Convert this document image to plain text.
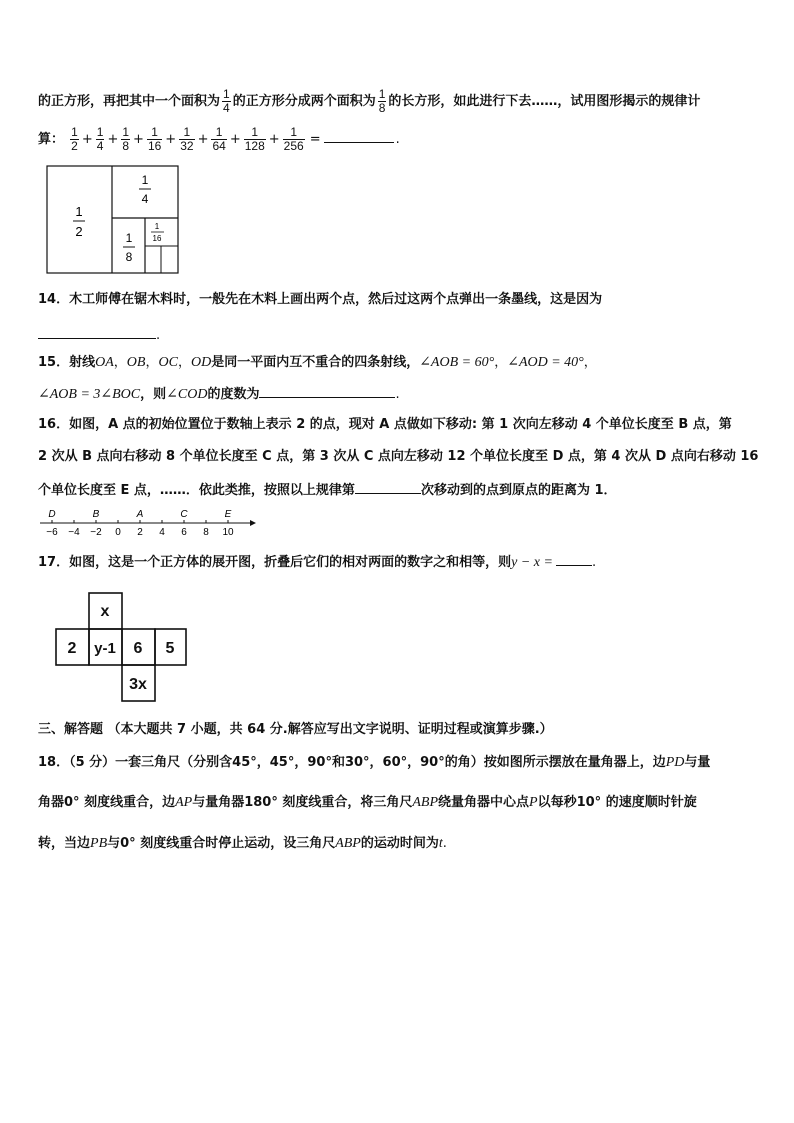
的正方形，再把其中一个面积为 $\frac{1}{4}$ 的正方形分成两个面积为 $\frac{1}{8}$ 的长方形，如此进行下去……，试用图形揭示的规律计
算： $\frac{1}{2} + \frac{1}{4} + \frac{1}{8} + \frac{1}{16} + \frac{1}{32} + \frac{1}{64} + \frac{1}{128} + \frac{1}{256}$ =	.
1
2
1
4
1
8
1
16
14．木工师傅在锯木料时，一般先在木料上画出两个点，然后过这两个点弹出一条墨线，这是因为
.
15．射线OA，OB，OC，OD是同一平面内互不重合的四条射线，∠AOB = 60°，∠AOD = 40°，
∠AOB = 3∠BOC，则∠COD的度数为	.
16．如图，A 点的初始位置位于数轴上表示 2 的点，现对 A 点做如下移动: 第 1 次向左移动 4 个单位长度至 B 点，第
2 次从 B 点向右移动 8 个单位长度至 C 点，第 3 次从 C 点向左移动 12 个单位长度至 D 点，第 4 次从 D 点向右移动 16
个单位长度至 E 点，……．依此类推，按照以上规律第	次移动到的点到原点的距离为 1．
−6 −4 −2 0 2 4 6 8 10
D	B	A	C	E
17．如图，这是一个正方体的展开图，折叠后它们的相对两面的数字之和相等，则y − x =	.
x
2 y-1 6 5
3x
三、解答题 （本大题共 7 小题，共 64 分.解答应写出文字说明、证明过程或演算步骤.）
18．（5 分）一套三角尺（分别含45°，45°，90°和30°，60°，90°的角）按如图所示摆放在量角器上，边PD与量
角器0° 刻度线重合，边AP与量角器180° 刻度线重合，将三角尺ABP绕量角器中心点P以每秒10° 的速度顺时针旋
转，当边PB与0° 刻度线重合时停止运动，设三角尺ABP的运动时间为t.
